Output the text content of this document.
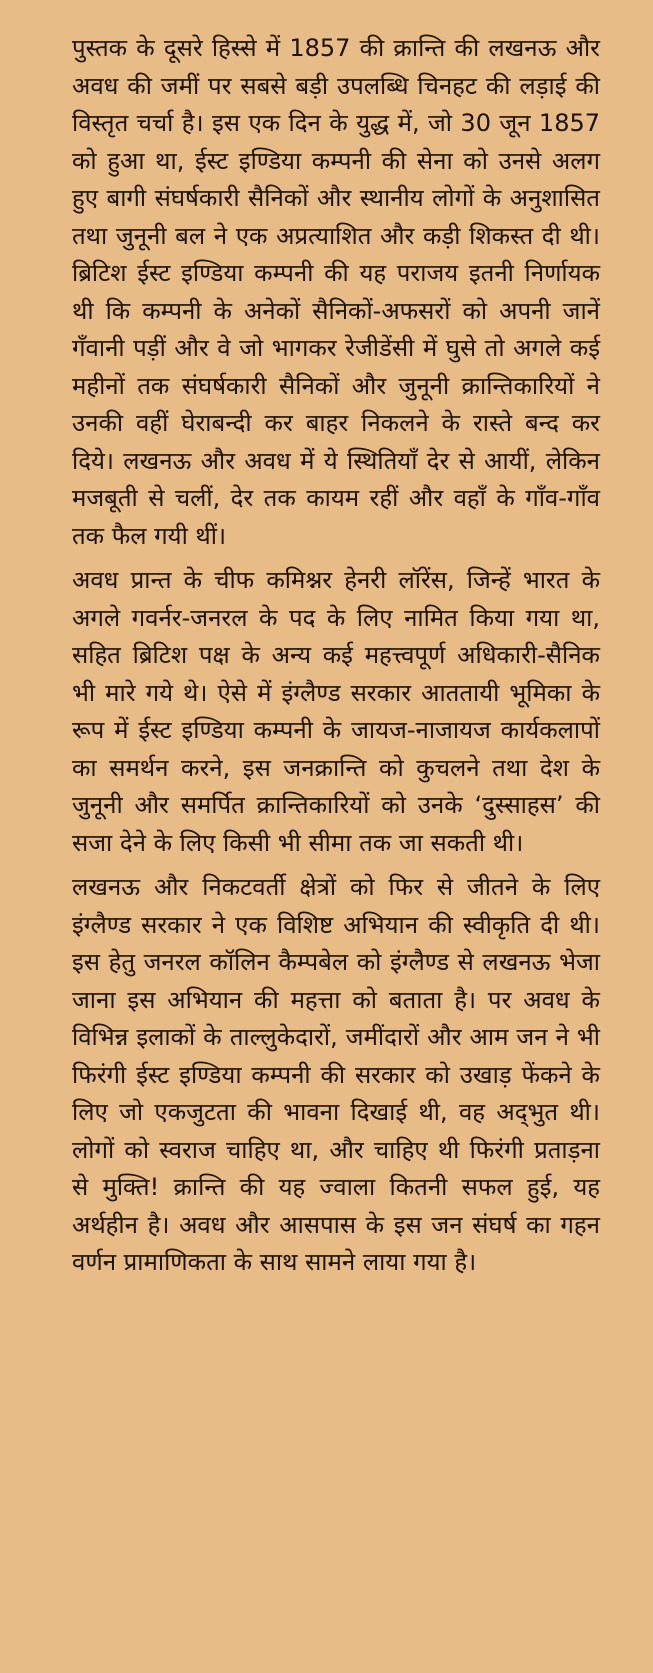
पुस्तक के दूसरे हिस्से में 1857 की क्रान्ति की लखनऊ और अवध की जमीं पर सबसे बड़ी उपलब्धि चिनहट की लड़ाई की विस्तृत चर्चा है। इस एक दिन के युद्ध में, जो 30 जून 1857 को हुआ था, ईस्ट इण्डिया कम्पनी की सेना को उनसे अलग हुए बागी संघर्षकारी सैनिकों और स्थानीय लोगों के अनुशासित तथा जुनूनी बल ने एक अप्रत्याशित और कड़ी शिकस्त दी थी। ब्रिटिश ईस्ट इण्डिया कम्पनी की यह पराजय इतनी निर्णायक थी कि कम्पनी के अनेकों सैनिकों-अफसरों को अपनी जानें गँवानी पड़ीं और वे जो भागकर रेजीडेंसी में घुसे तो अगले कई महीनों तक संघर्षकारी सैनिकों और जुनूनी क्रान्तिकारियों ने उनकी वहीं घेराबन्दी कर बाहर निकलने के रास्ते बन्द कर दिये। लखनऊ और अवध में ये स्थितियाँ देर से आयीं, लेकिन मजबूती से चलीं, देर तक कायम रहीं और वहाँ के गाँव-गाँव तक फैल गयी थीं।

अवध प्रान्त के चीफ कमिश्नर हेनरी लॉरेंस, जिन्हें भारत के अगले गवर्नर-जनरल के पद के लिए नामित किया गया था, सहित ब्रिटिश पक्ष के अन्य कई महत्त्वपूर्ण अधिकारी-सैनिक भी मारे गये थे। ऐसे में इंग्लैण्ड सरकार आततायी भूमिका के रूप में ईस्ट इण्डिया कम्पनी के जायज-नाजायज कार्यकलापों का समर्थन करने, इस जनक्रान्ति को कुचलने तथा देश के जुनूनी और समर्पित क्रान्तिकारियों को उनके ‘दुस्साहस’ की सजा देने के लिए किसी भी सीमा तक जा सकती थी।

लखनऊ और निकटवर्ती क्षेत्रों को फिर से जीतने के लिए इंग्लैण्ड सरकार ने एक विशिष्ट अभियान की स्वीकृति दी थी। इस हेतु जनरल कॉलिन कैम्पबेल को इंग्लैण्ड से लखनऊ भेजा जाना इस अभियान की महत्ता को बताता है। पर अवध के विभिन्न इलाकों के ताल्लुकेदारों, जमींदारों और आम जन ने भी फिरंगी ईस्ट इण्डिया कम्पनी की सरकार को उखाड़ फेंकने के लिए जो एकजुटता की भावना दिखाई थी, वह अद्‌भुत थी। लोगों को स्वराज चाहिए था, और चाहिए थी फिरंगी प्रताड़ना से मुक्ति! क्रान्ति की यह ज्वाला कितनी सफल हुई, यह अर्थहीन है। अवध और आसपास के इस जन संघर्ष का गहन वर्णन प्रामाणिकता के साथ सामने लाया गया है।
